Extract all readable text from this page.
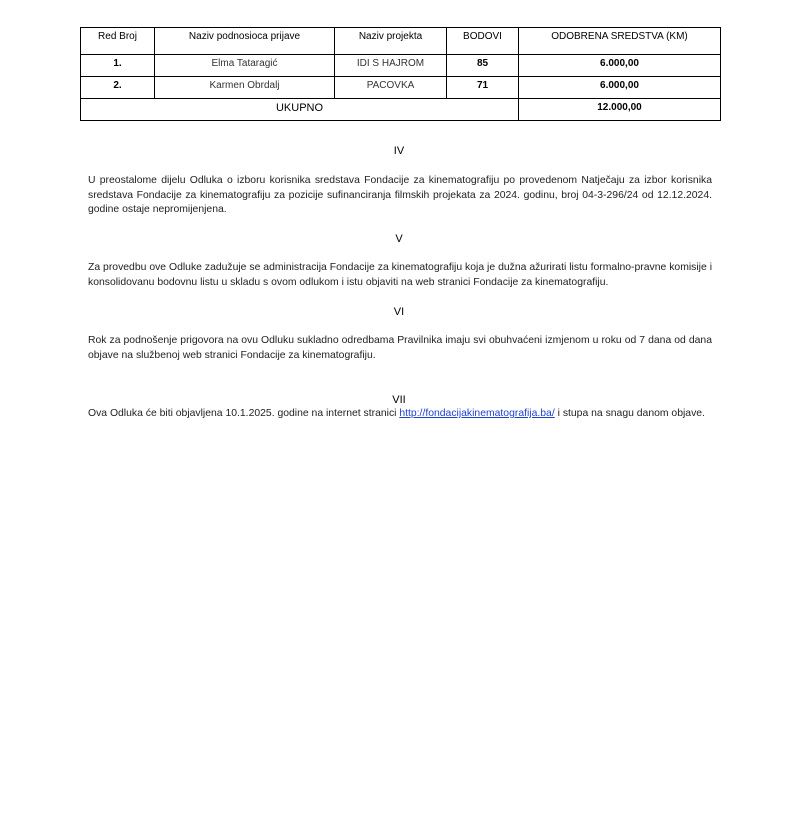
Red Broj	Naziv podnosioca prijave	Naziv projekta	BODOVI	ODOBRENA SREDSTVA (KM)
1.	Elma Tataragić	IDI S HAJROM	85	6.000,00
2.	Karmen Obrdalj	PACOVKA	71	6.000,00
UKUPNO				12.000,00
IV
U preostalome dijelu Odluka o izboru korisnika sredstava Fondacije za kinematografiju po provedenom Natječaju za izbor korisnika sredstava Fondacije za kinematografiju za pozicije sufinanciranja filmskih projekata za 2024. godinu, broj 04-3-296/24 od 12.12.2024. godine ostaje nepromijenjena.
V
Za provedbu ove Odluke zadužuje se administracija Fondacije za kinematografiju koja je dužna ažurirati listu formalno-pravne komisije i konsolidovanu bodovnu listu u skladu s ovom odlukom i istu objaviti na web stranici Fondacije za kinematografiju.
VI
Rok za podnošenje prigovora na ovu Odluku sukladno odredbama Pravilnika imaju svi obuhvaćeni izmjenom u roku od 7 dana od dana objave na službenoj web stranici Fondacije za kinematografiju.
VII
Ova Odluka će biti objavljena 10.1.2025. godine na internet stranici http://fondacijakinematografija.ba/ i stupa na snagu danom objave.
